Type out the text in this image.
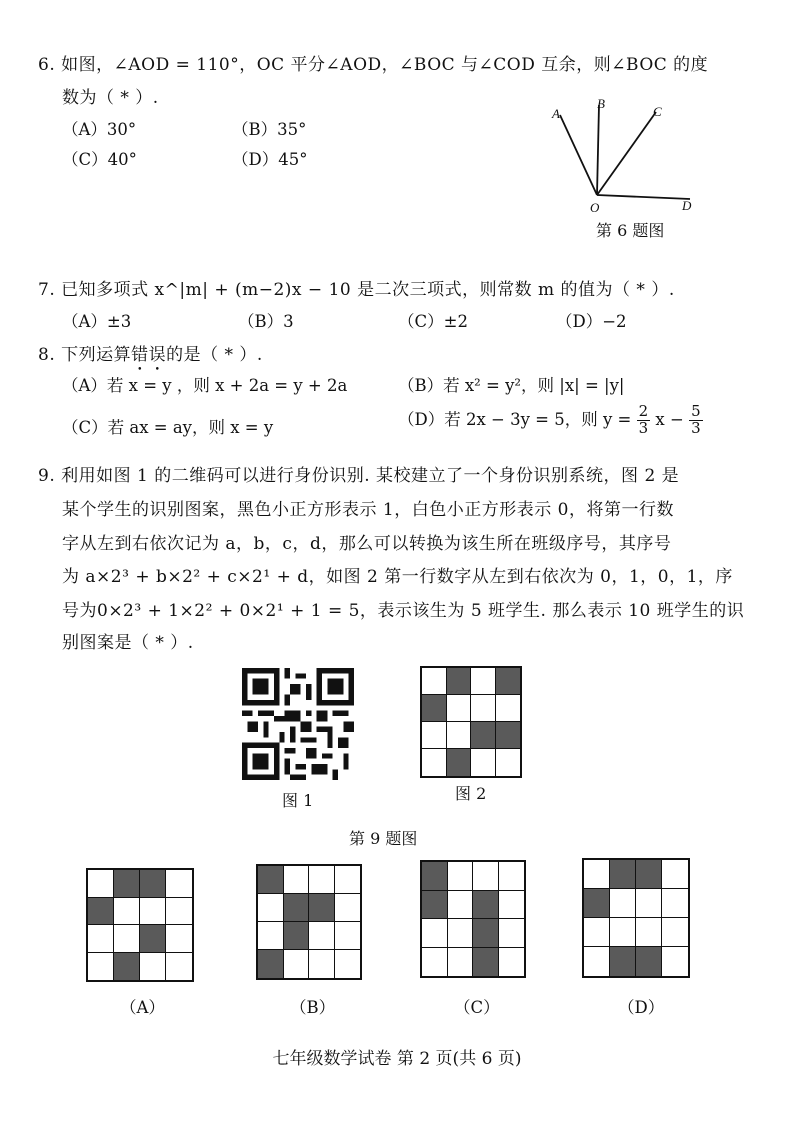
6. 如图，∠AOD = 110°，OC 平分∠AOD，∠BOC 与∠COD 互余，则∠BOC 的度
数为（ * ）.
（A）30°	（B）35°
（C）40°	（D）45°
A
B
C
O	D
第 6 题图
7. 已知多项式 x^|m| + (m−2)x − 10 是二次三项式，则常数 m 的值为（ * ）.
（A）±3	（B）3	（C）±2	（D）−2
8. 下列运算错误的是（ * ）.
（A）若 x = y ，则 x + 2a = y + 2a	（B）若 x² = y²，则 |x| = |y|
（C）若 ax = ay，则 x = y	（D）若 2x − 3y = 5，则 $y = \frac{2}{3}$ $x - \frac{5}{3}$
9. 利用如图 1 的二维码可以进行身份识别. 某校建立了一个身份识别系统，图 2 是
某个学生的识别图案，黑色小正方形表示 1，白色小正方形表示 0，将第一行数
字从左到右依次记为 a，b，c，d，那么可以转换为该生所在班级序号，其序号
为 a×2³ + b×2² + c×2¹ + d，如图 2 第一行数字从左到右依次为 0，1，0，1，序
号为0×2³ + 1×2² + 0×2¹ + 1 = 5，表示该生为 5 班学生. 那么表示 10 班学生的识
别图案是（ * ）.
图 1	图 2
第 9 题图
（A）	（B）	（C）	（D）
七年级数学试卷 第 2 页(共 6 页)
